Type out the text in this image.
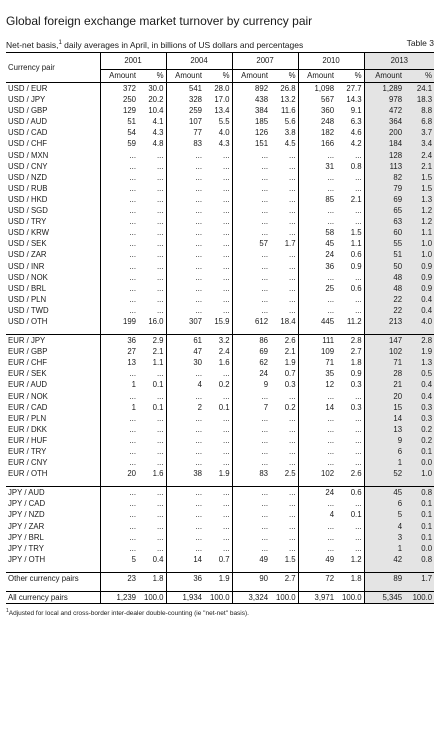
Global foreign exchange market turnover by currency pair
Net-net basis,$^1$ daily averages in April, in billions of US dollars and percentages	Table 3
Currency pair	2001		2004		2007		2010		2013	
	Amount	%	Amount	%	Amount	%	Amount	%	Amount	%
USD / EUR	372	30.0	541	28.0	892	26.8	1,098	27.7	1,289	24.1
USD / JPY	250	20.2	328	17.0	438	13.2	567	14.3	978	18.3
USD / GBP	129	10.4	259	13.4	384	11.6	360	9.1	472	8.8
USD / AUD	51	4.1	107	5.5	185	5.6	248	6.3	364	6.8
USD / CAD	54	4.3	77	4.0	126	3.8	182	4.6	200	3.7
USD / CHF	59	4.8	83	4.3	151	4.5	166	4.2	184	3.4
USD / MXN	...	...	...	...	...	...	...	...	128	2.4
USD / CNY	...	...	...	...	...	...	31	0.8	113	2.1
USD / NZD	...	...	...	...	...	...	...	...	82	1.5
USD / RUB	...	...	...	...	...	...	...	...	79	1.5
USD / HKD	...	...	...	...	...	...	85	2.1	69	1.3
USD / SGD	...	...	...	...	...	...	...	...	65	1.2
USD / TRY	...	...	...	...	...	...	...	...	63	1.2
USD / KRW	...	...	...	...	...	...	58	1.5	60	1.1
USD / SEK	...	...	...	...	57	1.7	45	1.1	55	1.0
USD / ZAR	...	...	...	...	...	...	24	0.6	51	1.0
USD / INR	...	...	...	...	...	...	36	0.9	50	0.9
USD / NOK	...	...	...	...	...	...	...	...	48	0.9
USD / BRL	...	...	...	...	...	...	25	0.6	48	0.9
USD / PLN	...	...	...	...	...	...	...	...	22	0.4
USD / TWD	...	...	...	...	...	...	...	...	22	0.4
USD / OTH	199	16.0	307	15.9	612	18.4	445	11.2	213	4.0

EUR / JPY	36	2.9	61	3.2	86	2.6	111	2.8	147	2.8
EUR / GBP	27	2.1	47	2.4	69	2.1	109	2.7	102	1.9
EUR / CHF	13	1.1	30	1.6	62	1.9	71	1.8	71	1.3
EUR / SEK	...	...	...	...	24	0.7	35	0.9	28	0.5
EUR / AUD	1	0.1	4	0.2	9	0.3	12	0.3	21	0.4
EUR / NOK	...	...	...	...	...	...	...	...	20	0.4
EUR / CAD	1	0.1	2	0.1	7	0.2	14	0.3	15	0.3
EUR / PLN	...	...	...	...	...	...	...	...	14	0.3
EUR / DKK	...	...	...	...	...	...	...	...	13	0.2
EUR / HUF	...	...	...	...	...	...	...	...	9	0.2
EUR / TRY	...	...	...	...	...	...	...	...	6	0.1
EUR / CNY	...	...	...	...	...	...	...	...	1	0.0
EUR / OTH	20	1.6	38	1.9	83	2.5	102	2.6	52	1.0

JPY / AUD	...	...	...	...	...	...	24	0.6	45	0.8
JPY / CAD	...	...	...	...	...	...	...	...	6	0.1
JPY / NZD	...	...	...	...	...	...	4	0.1	5	0.1
JPY / ZAR	...	...	...	...	...	...	...	...	4	0.1
JPY / BRL	...	...	...	...	...	...	...	...	3	0.1
JPY / TRY	...	...	...	...	...	...	...	...	1	0.0
JPY / OTH	5	0.4	14	0.7	49	1.5	49	1.2	42	0.8

Other currency pairs	23	1.8	36	1.9	90	2.7	72	1.8	89	1.7

All currency pairs	1,239	100.0	1,934	100.0	3,324	100.0	3,971	100.0	5,345	100.0
$^1$Adjusted for local and cross-border inter-dealer double-counting (ie "net-net" basis).
